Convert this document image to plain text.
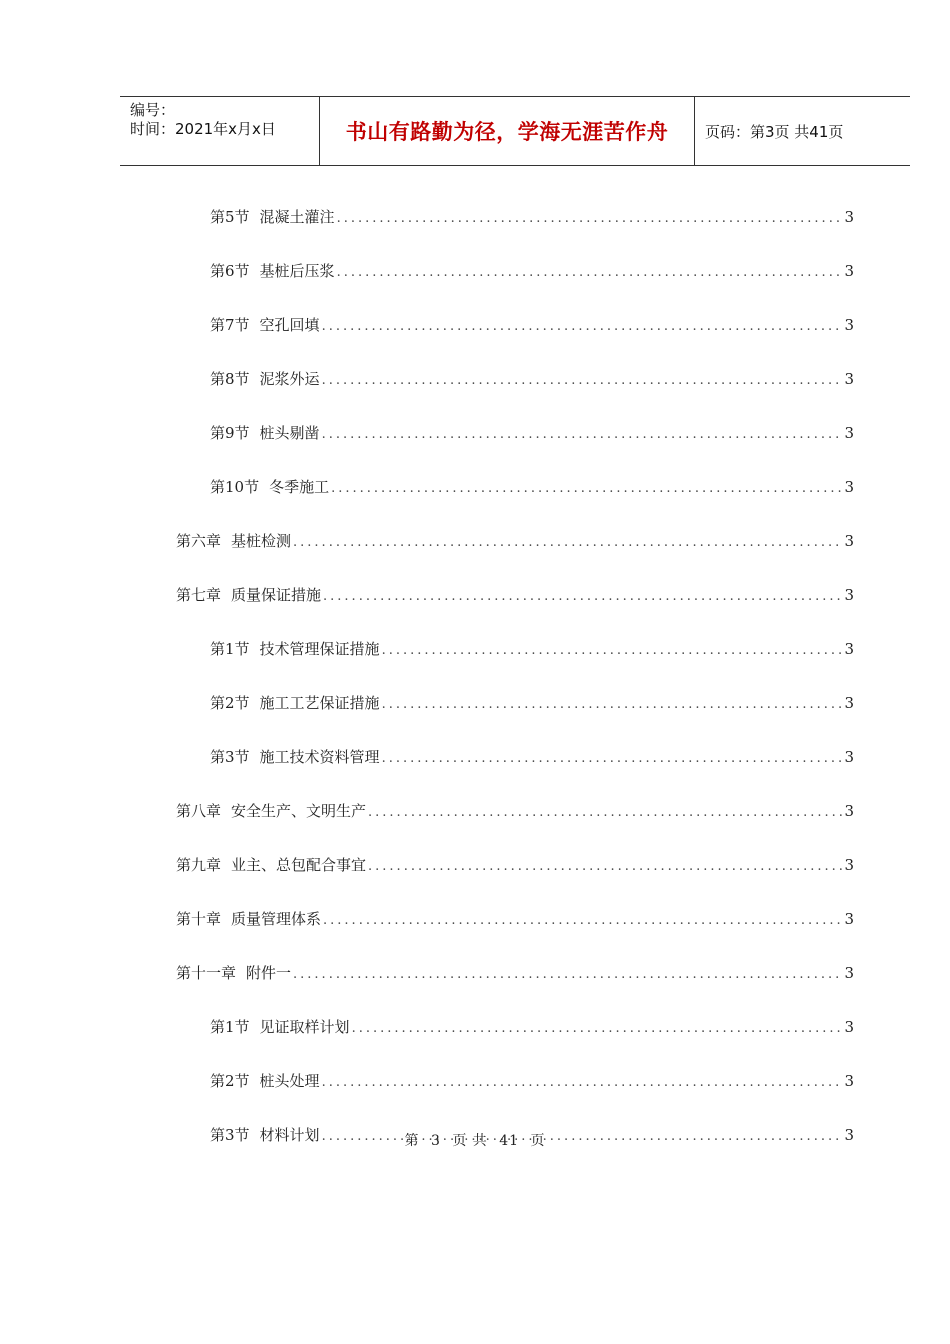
编号：
时间：2021年x月x日	书山有路勤为径，学海无涯苦作舟	页码：第3页 共41页
第5节 混凝土灌注 .....	3
第6节 基桩后压浆 .....	3
第7节 空孔回填 .....	3
第8节 泥浆外运 .....	3
第9节 桩头剔凿 .....	3
第10节 冬季施工 .....	3
第六章 基桩检测 .....	3
第七章 质量保证措施 .....	3
第1节 技术管理保证措施 .....	3
第2节 施工工艺保证措施 .....	3
第3节 施工技术资料管理 .....	3
第八章 安全生产、文明生产 .....	3
第九章 业主、总包配合事宜 .....	3
第十章 质量管理体系 .....	3
第十一章 附件一 .....	3
第1节 见证取样计划 .....	3
第2节 桩头处理 .....	3
第3节 材料计划 .....	3
第 3 页 共 41 页
